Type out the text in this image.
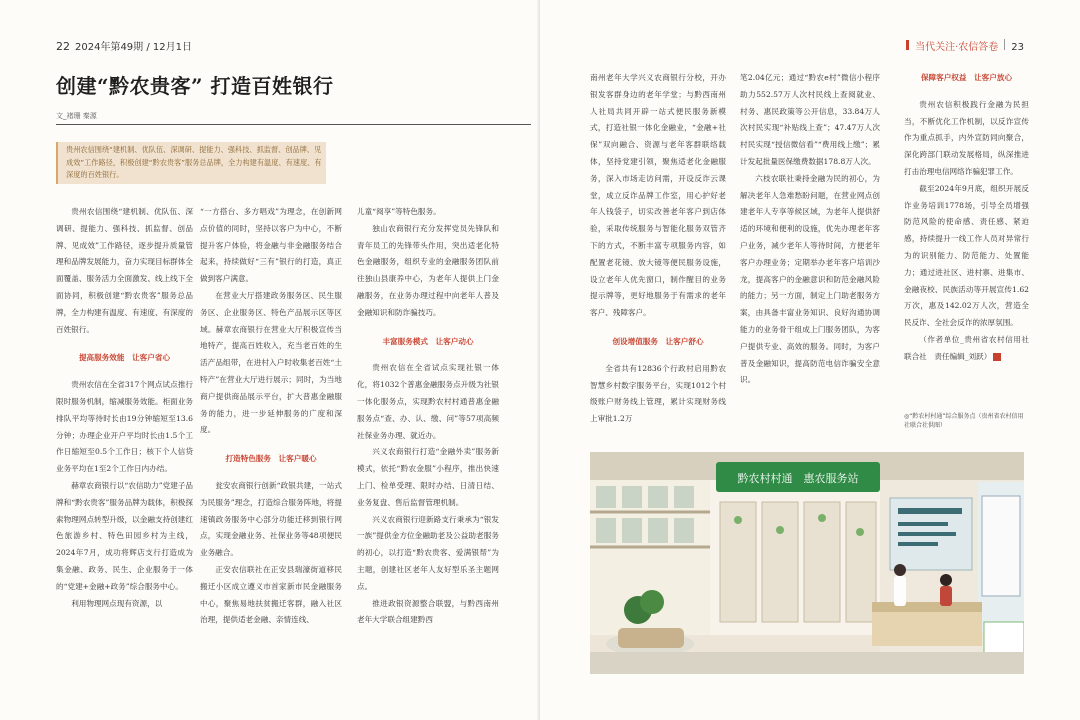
22 2024年第49期 / 12月1日
创建“黔农贵客” 打造百姓银行
文_褚珊 秦源
贵州农信围绕“建机制、优队伍、深调研、提能力、强科技、抓监督、创品牌、见成效”工作路径，积极创建“黔农贵客”服务总品牌，全力构建有温度、有速度、有深度的百姓银行。

贵州农信围绕“建机制、优队伍、深调研、提能力、强科技、抓监督、创品牌、见成效”工作路径，逐步提升质量管理和品牌发展能力，奋力实现目标群体全面覆盖、服务活力全面激发、线上线下全面协同，积极创建“黔农贵客”服务总品牌，全力构建有温度、有速度、有深度的百姓银行。

提高服务效能　让客户省心

贵州农信在全省317个网点试点推行限时服务机制，缩减服务效能。柜面业务排队平均等待时长由19分钟缩短至13.6分钟；办理企业开户平均时长由1.5个工作日缩短至0.5个工作日；核下个人信贷业务平均在1至2个工作日内办结。

赫章农商银行以“农信助力”党建子品牌和“黔农贵客”服务品牌为载体，积极探索物理网点转型升级，以金融支持创建红色旅游乡村、特色田园乡村为主线，2024年7月，成功将辉店支行打造成为集金融、政务、民生、企业服务于一体的“党建+金融+政务”综合服务中心。

利用物理网点现有资源，以

“一方搭台、多方唱戏”为理念，在创新网点价值的同时，坚持以客户为中心，不断提升客户体验，将金融与非金融服务结合起来，持续做好“三有”银行的打造，真正做到客户满意。

在营业大厅搭建政务服务区、民生服务区、企业服务区、特色产品展示区等区域。赫章农商银行在营业大厅积极宣传当地特产，提高百姓收入，充当老百姓的生活产品组带，在进村入户时收集老百姓“土特产”在营业大厅进行展示；同时，为当地商户提供商品展示平台，扩大普惠金融服务的能力，进一步延伸服务的广度和深度。

打造特色服务　让客户暖心

瓮安农商银行创新“政银共建，一站式为民服务”理念，打造综合服务阵地，将提速镇政务服务中心部分功能迁移到银行网点，实现金融业务、社保业务等48项便民业务融合。

正安农信联社在正安县瑞濠街道移民搬迁小区成立遵义市首家新市民金融服务中心，聚焦易地扶贫搬迁客群，融入社区治理，提供适老金融、亲情连线、

儿童“阅享”等特色服务。

独山农商银行充分发挥党员先锋队和青年员工的先锋带头作用，突出适老化特色金融服务，组织专业的金融服务团队前往独山县康养中心，为老年人提供上门金融服务，在业务办理过程中向老年人普及金融知识和防诈骗技巧。

丰富服务模式　让客户动心

贵州农信在全省试点实现社银一体化，将1032个普惠金融服务点升级为社银一体化服务点，实现黔农村村通普惠金融服务点“查、办、认、缴、问”等57项高频社保业务办理、就近办。

兴义农商银行打造“金融外卖”服务新模式，依托“黔农金服”小程序，推出快速上门、检单受理、限时办结、日清日结、业务复盘、售后监督管理机制。

兴义农商银行迎新路支行秉承为“银发一族”提供金方位金融助老及公益助老服务的初心，以打造“黔农贵客、爱满银帮”为主题，创建社区老年人友好型乐圣主题网点。

推进政银资源整合联盟，与黔西南州老年大学联合组建黔西

当代关注·农信答卷 23

南州老年大学兴义农商银行分校，开办银发客群身边的老年学堂；与黔西南州人社局共同开辟一站式便民服务新模式，打造社银一体化金融业，“金融+社保”双向融合、资源与老年客群联络载体，坚持党建引领，聚焦适老化金融服务，深入市场走访问需，开设反诈云课堂，成立反诈品牌工作室，用心护好老年人钱袋子，切实改善老年客户到店体验，采取传统服务与智能化服务双管齐下的方式，不断丰富专项服务内容，如配置老花镜、放大镜等便民服务设施，设立老年人优先窗口，制作醒目的业务提示牌等，更好地服务于有需求的老年客户、残障客户。

创设增值服务　让客户舒心

全省共有12836个行政村启用黔农智慧乡村数字服务平台，实现1012个村级账户财务线上管理，累计实现财务线上审批1.2万

笔2.04亿元；通过“黔农e村”微信小程序助力552.57万人次村民线上查阅就业、村务、惠民政策等公开信息，33.84万人次村民实现“补贴线上查”；47.47万人次村民实现“授信微信看”“费用线上缴”；累计发起批量医保缴费数据178.8万人次。

六枝农联社秉持金融为民的初心，为解决老年人急难愁盼问题，在营业网点创建老年人专享等候区域，为老年人提供舒适的环境和便利的设施，优先办理老年客户业务，减少老年人等待时间，方便老年客户办理业务；定期举办老年客户培训沙龙，提高客户的金融意识和防范金融风险的能力；另一方面，制定上门助老服务方案，由具备丰富业务知识、良好沟通协调能力的业务骨干组成上门服务团队，为客户提供专业、高效的服务。同时，为客户普及金融知识，提高防范电信诈骗安全意识。

保障客户权益　让客户放心

贵州农信积极践行金融为民担当，不断优化工作机制，以反诈宣传作为重点抓手，内外宣防同向聚合，深化跨部门联动发展格局，纵深推进打击治理电信网络诈骗犯罪工作。

截至2024年9月底，组织开展反诈业务培训1778场，引导全员增强防范风险的使命感、责任感、紧迫感，持续提升一线工作人员对异常行为的识别能力、防范能力、处置能力；通过进社区、进村寨、进集市、金融夜校、民族活动等开展宣传1.62万次，惠及142.02万人次，营造全民反诈、全社会反诈的浓厚氛围。

（作者单位_贵州省农村信用社联合社　责任编辑_刘跃）

◎“黔农村村通”综合服务点（贵州省农村信用社联合社供图）
黔农村村通　惠农服务站
